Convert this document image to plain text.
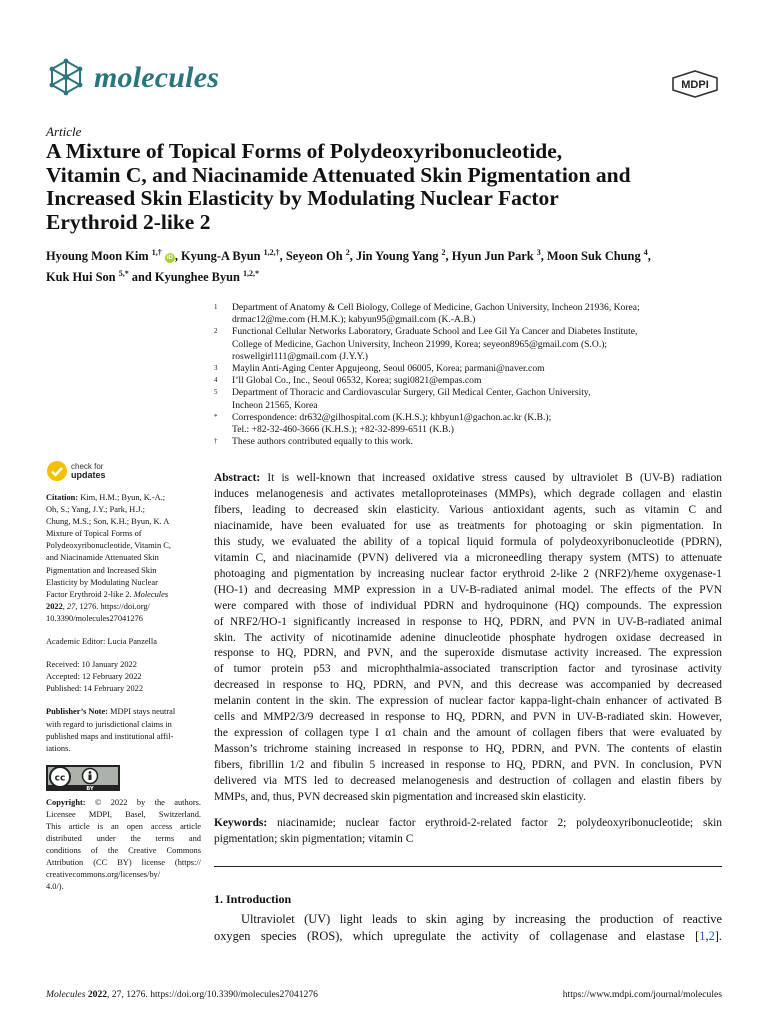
molecules	MDPI
Article
A Mixture of Topical Forms of Polydeoxyribonucleotide,
Vitamin C, and Niacinamide Attenuated Skin Pigmentation and
Increased Skin Elasticity by Modulating Nuclear Factor
Erythroid 2-like 2
Hyoung Moon Kim $^{1,\dagger}$ iD , Kyung-A Byun $^{1,2,\dagger}$, Seyeon Oh $^2$, Jin Young Yang $^2$, Hyun Jun Park $^3$, Moon Suk Chung $^4$,
Kuk Hui Son $^{5,*}$ and Kyunghee Byun $^{1,2,*}$
1	Department of Anatomy & Cell Biology, College of Medicine, Gachon University, Incheon 21936, Korea;
drmac12@me.com (H.M.K.); kabyun95@gmail.com (K.-A.B.)
2	Functional Cellular Networks Laboratory, Graduate School and Lee Gil Ya Cancer and Diabetes Institute,
College of Medicine, Gachon University, Incheon 21999, Korea; seyeon8965@gmail.com (S.O.);
roswellgirl111@gmail.com (J.Y.Y.)
3	Maylin Anti-Aging Center Apgujeong, Seoul 06005, Korea; parmani@naver.com
4	I’ll Global Co., Inc., Seoul 06532, Korea; sugi0821@empas.com
5	Department of Thoracic and Cardiovascular Surgery, Gil Medical Center, Gachon University,
Incheon 21565, Korea
*	Correspondence: dr632@gilhospital.com (K.H.S.); khbyun1@gachon.ac.kr (K.B.);
Tel.: +82-32-460-3666 (K.H.S.); +82-32-899-6511 (K.B.)
†	These authors contributed equally to this work.
check for
updates
Citation: Kim, H.M.; Byun, K.-A.;
Oh, S.; Yang, J.Y.; Park, H.J.;
Chung, M.S.; Son, K.H.; Byun, K. A
Mixture of Topical Forms of
Polydeoxyribonucleotide, Vitamin C,
and Niacinamide Attenuated Skin
Pigmentation and Increased Skin
Elasticity by Modulating Nuclear
Factor Erythroid 2-like 2. Molecules
2022, 27, 1276. https://doi.org/
10.3390/molecules27041276
Academic Editor: Lucia Panzella
Received: 10 January 2022
Accepted: 12 February 2022
Published: 14 February 2022
Publisher’s Note: MDPI stays neutral
with regard to jurisdictional claims in
published maps and institutional affil-
iations.
cc
BY
Copyright: © 2022 by the authors.
Licensee MDPI, Basel, Switzerland.
This article is an open access article
distributed under the terms and
conditions of the Creative Commons
Attribution (CC BY) license (https://
creativecommons.org/licenses/by/
4.0/).
Abstract: It is well-known that increased oxidative stress caused by ultraviolet B (UV-B) radiation
induces melanogenesis and activates metalloproteinases (MMPs), which degrade collagen and elastin
fibers, leading to decreased skin elasticity. Various antioxidant agents, such as vitamin C and
niacinamide, have been evaluated for use as treatments for photoaging or skin pigmentation. In
this study, we evaluated the ability of a topical liquid formula of polydeoxyribonucleotide (PDRN),
vitamin C, and niacinamide (PVN) delivered via a microneedling therapy system (MTS) to attenuate
photoaging and pigmentation by increasing nuclear factor erythroid 2-like 2 (NRF2)/heme oxygenase-1
(HO-1) and decreasing MMP expression in a UV-B-radiated animal model. The effects of the PVN
were compared with those of individual PDRN and hydroquinone (HQ) compounds. The expression
of NRF2/HO-1 significantly increased in response to HQ, PDRN, and PVN in UV-B-radiated animal
skin. The activity of nicotinamide adenine dinucleotide phosphate hydrogen oxidase decreased in
response to HQ, PDRN, and PVN, and the superoxide dismutase activity increased. The expression
of tumor protein p53 and microphthalmia-associated transcription factor and tyrosinase activity
decreased in response to HQ, PDRN, and PVN, and this decrease was accompanied by decreased
melanin content in the skin. The expression of nuclear factor kappa-light-chain enhancer of activated B
cells and MMP2/3/9 decreased in response to HQ, PDRN, and PVN in UV-B-radiated skin. However,
the expression of collagen type I α1 chain and the amount of collagen fibers that were evaluated by
Masson’s trichrome staining increased in response to HQ, PDRN, and PVN. The contents of elastin
fibers, fibrillin 1/2 and fibulin 5 increased in response to HQ, PDRN, and PVN. In conclusion, PVN
delivered via MTS led to decreased melanogenesis and destruction of collagen and elastin fibers by
MMPs, and, thus, PVN decreased skin pigmentation and increased skin elasticity.
Keywords: niacinamide; nuclear factor erythroid-2-related factor 2; polydeoxyribonucleotide; skin
pigmentation; skin pigmentation; vitamin C
1. Introduction
Ultraviolet (UV) light leads to skin aging by increasing the production of reactive
oxygen species (ROS), which upregulate the activity of collagenase and elastase [1,2].
Molecules 2022, 27, 1276. https://doi.org/10.3390/molecules27041276	https://www.mdpi.com/journal/molecules
